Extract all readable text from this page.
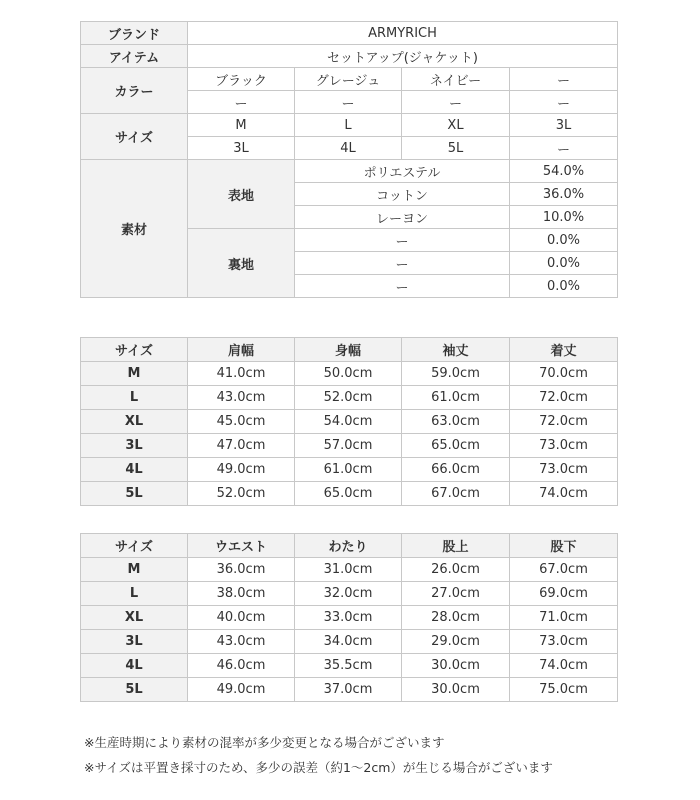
ブランド	ARMYRICH			
アイテム	セットアップ(ジャケット)			
カラー	ブラック	グレージュ	ネイビー	ー
	ー	ー	ー	ー
サイズ	M	L	XL	3L
	3L	4L	5L	ー
素材	表地	ポリエステル		54.0%
		コットン		36.0%
		レーヨン		10.0%
	裏地	ー		0.0%
		ー		0.0%
		ー		0.0%
サイズ	肩幅	身幅	袖丈	着丈
M	41.0cm	50.0cm	59.0cm	70.0cm
L	43.0cm	52.0cm	61.0cm	72.0cm
XL	45.0cm	54.0cm	63.0cm	72.0cm
3L	47.0cm	57.0cm	65.0cm	73.0cm
4L	49.0cm	61.0cm	66.0cm	73.0cm
5L	52.0cm	65.0cm	67.0cm	74.0cm
サイズ	ウエスト	わたり	股上	股下
M	36.0cm	31.0cm	26.0cm	67.0cm
L	38.0cm	32.0cm	27.0cm	69.0cm
XL	40.0cm	33.0cm	28.0cm	71.0cm
3L	43.0cm	34.0cm	29.0cm	73.0cm
4L	46.0cm	35.5cm	30.0cm	74.0cm
5L	49.0cm	37.0cm	30.0cm	75.0cm
※生産時期により素材の混率が多少変更となる場合がございます
※サイズは平置き採寸のため、多少の誤差（約1～2cm）が生じる場合がございます
